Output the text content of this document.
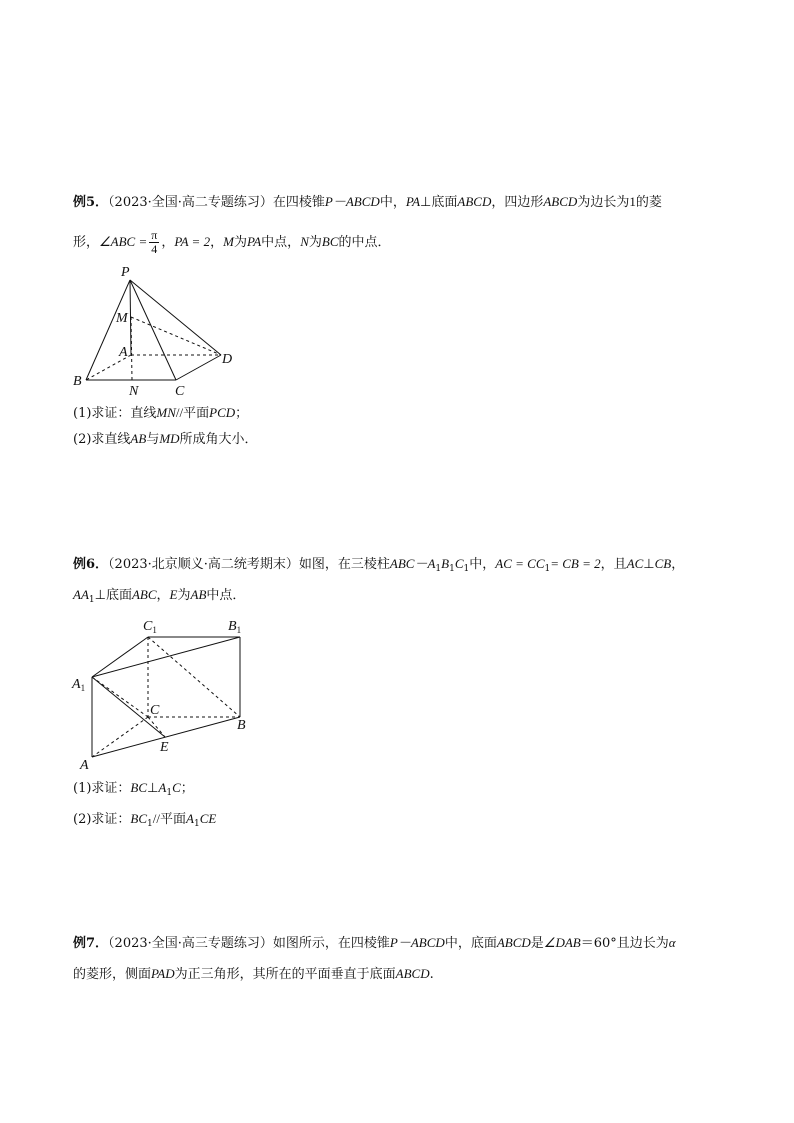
例5．（2023·全国·高二专题练习）在四棱锥P－ABCD中，PA⊥底面ABCD，四边形ABCD为边长为1的菱
形，∠ABC = $\frac{\pi}{4}$ ，PA = 2，M为PA中点，N为BC的中点．
P
M
A	D
B
N	C
(1)求证：直线MN//平面PCD；
(2)求直线AB与MD所成角大小．
例6．（2023·北京顺义·高二统考期末）如图，在三棱柱$ABC-A_1B_1C_1$中，AC = $CC_1=$ CB = 2，且AC⊥CB，
$AA_1\perp$底面ABC，E为AB中点．
$C_1$	$B_1$
$A_1$
C
B
E
A
(1)求证：$BC\perp A_1C$；
(2)求证：$BC_1//$平面$A_1CE$
例7．（2023·全国·高三专题练习）如图所示，在四棱锥P－ABCD中，底面ABCD是∠DAB＝60°且边长为α
的菱形，侧面PAD为正三角形，其所在的平面垂直于底面ABCD.
